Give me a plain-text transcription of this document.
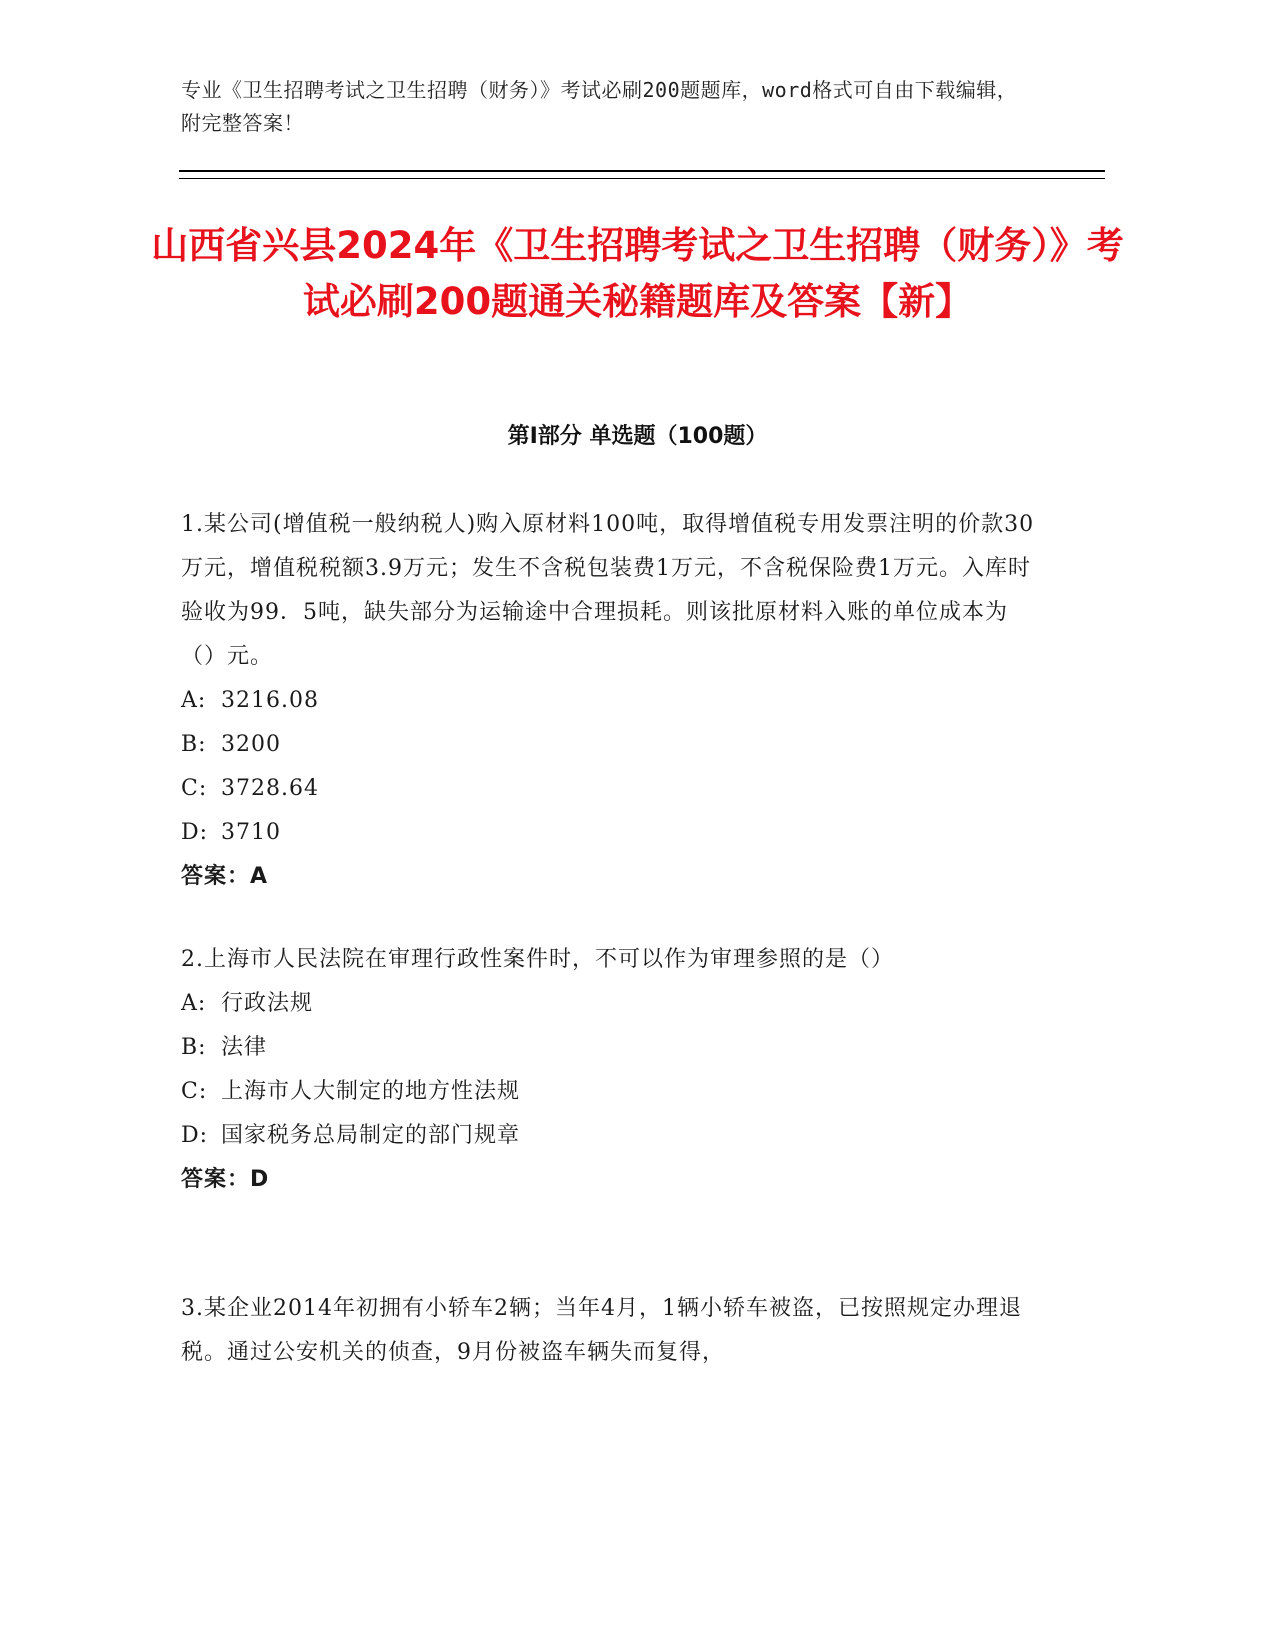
专业《卫生招聘考试之卫生招聘（财务）》考试必刷200题题库，word格式可自由下载编辑，附完整答案！
山西省兴县2024年《卫生招聘考试之卫生招聘（财务）》考试必刷200题通关秘籍题库及答案【新】
第I部分 单选题（100题）

1.某公司(增值税一般纳税人)购入原材料100吨，取得增值税专用发票注明的价款30万元，增值税税额3.9万元；发生不含税包装费1万元，不含税保险费1万元。入库时验收为99．5吨，缺失部分为运输途中合理损耗。则该批原材料入账的单位成本为（）元。

A: 3216.08
B: 3200
C: 3728.64
D: 3710
答案：A

2.上海市人民法院在审理行政性案件时，不可以作为审理参照的是（）

A: 行政法规
B: 法律
C: 上海市人大制定的地方性法规
D: 国家税务总局制定的部门规章
答案：D

3.某企业2014年初拥有小轿车2辆；当年4月，1辆小轿车被盗，已按照规定办理退税。通过公安机关的侦查，9月份被盗车辆失而复得，
